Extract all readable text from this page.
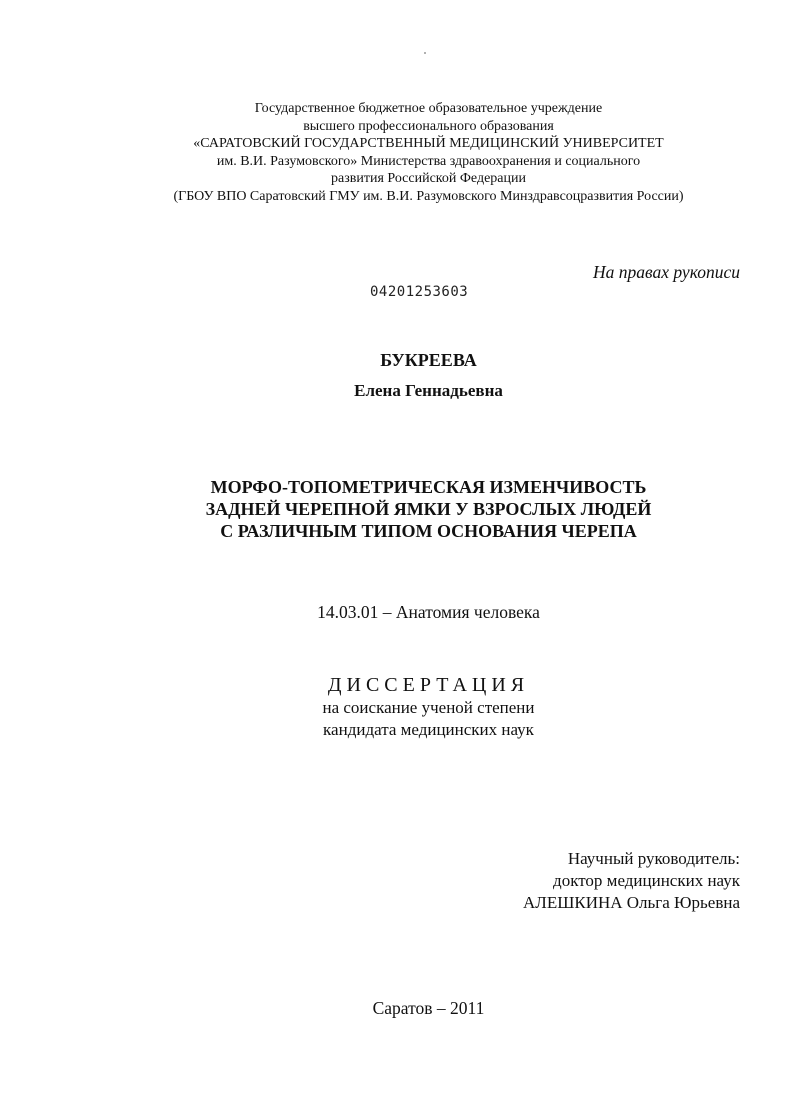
Государственное бюджетное образовательное учреждение
высшего профессионального образования
«САРАТОВСКИЙ ГОСУДАРСТВЕННЫЙ МЕДИЦИНСКИЙ УНИВЕРСИТЕТ
им. В.И. Разумовского» Министерства здравоохранения и социального
развития Российской Федерации
(ГБОУ ВПО Саратовский ГМУ им. В.И. Разумовского Минздравсоцразвития России)
На правах рукописи
04201253603
БУКРЕЕВА
Елена Геннадьевна
МОРФО-ТОПОМЕТРИЧЕСКАЯ ИЗМЕНЧИВОСТЬ
ЗАДНЕЙ ЧЕРЕПНОЙ ЯМКИ У ВЗРОСЛЫХ ЛЮДЕЙ
С РАЗЛИЧНЫМ ТИПОМ ОСНОВАНИЯ ЧЕРЕПА
14.03.01 – Анатомия человека
ДИССЕРТАЦИЯ
на соискание ученой степени
кандидата медицинских наук
Научный руководитель:
доктор медицинских наук
АЛЕШКИНА Ольга Юрьевна
Саратов – 2011
